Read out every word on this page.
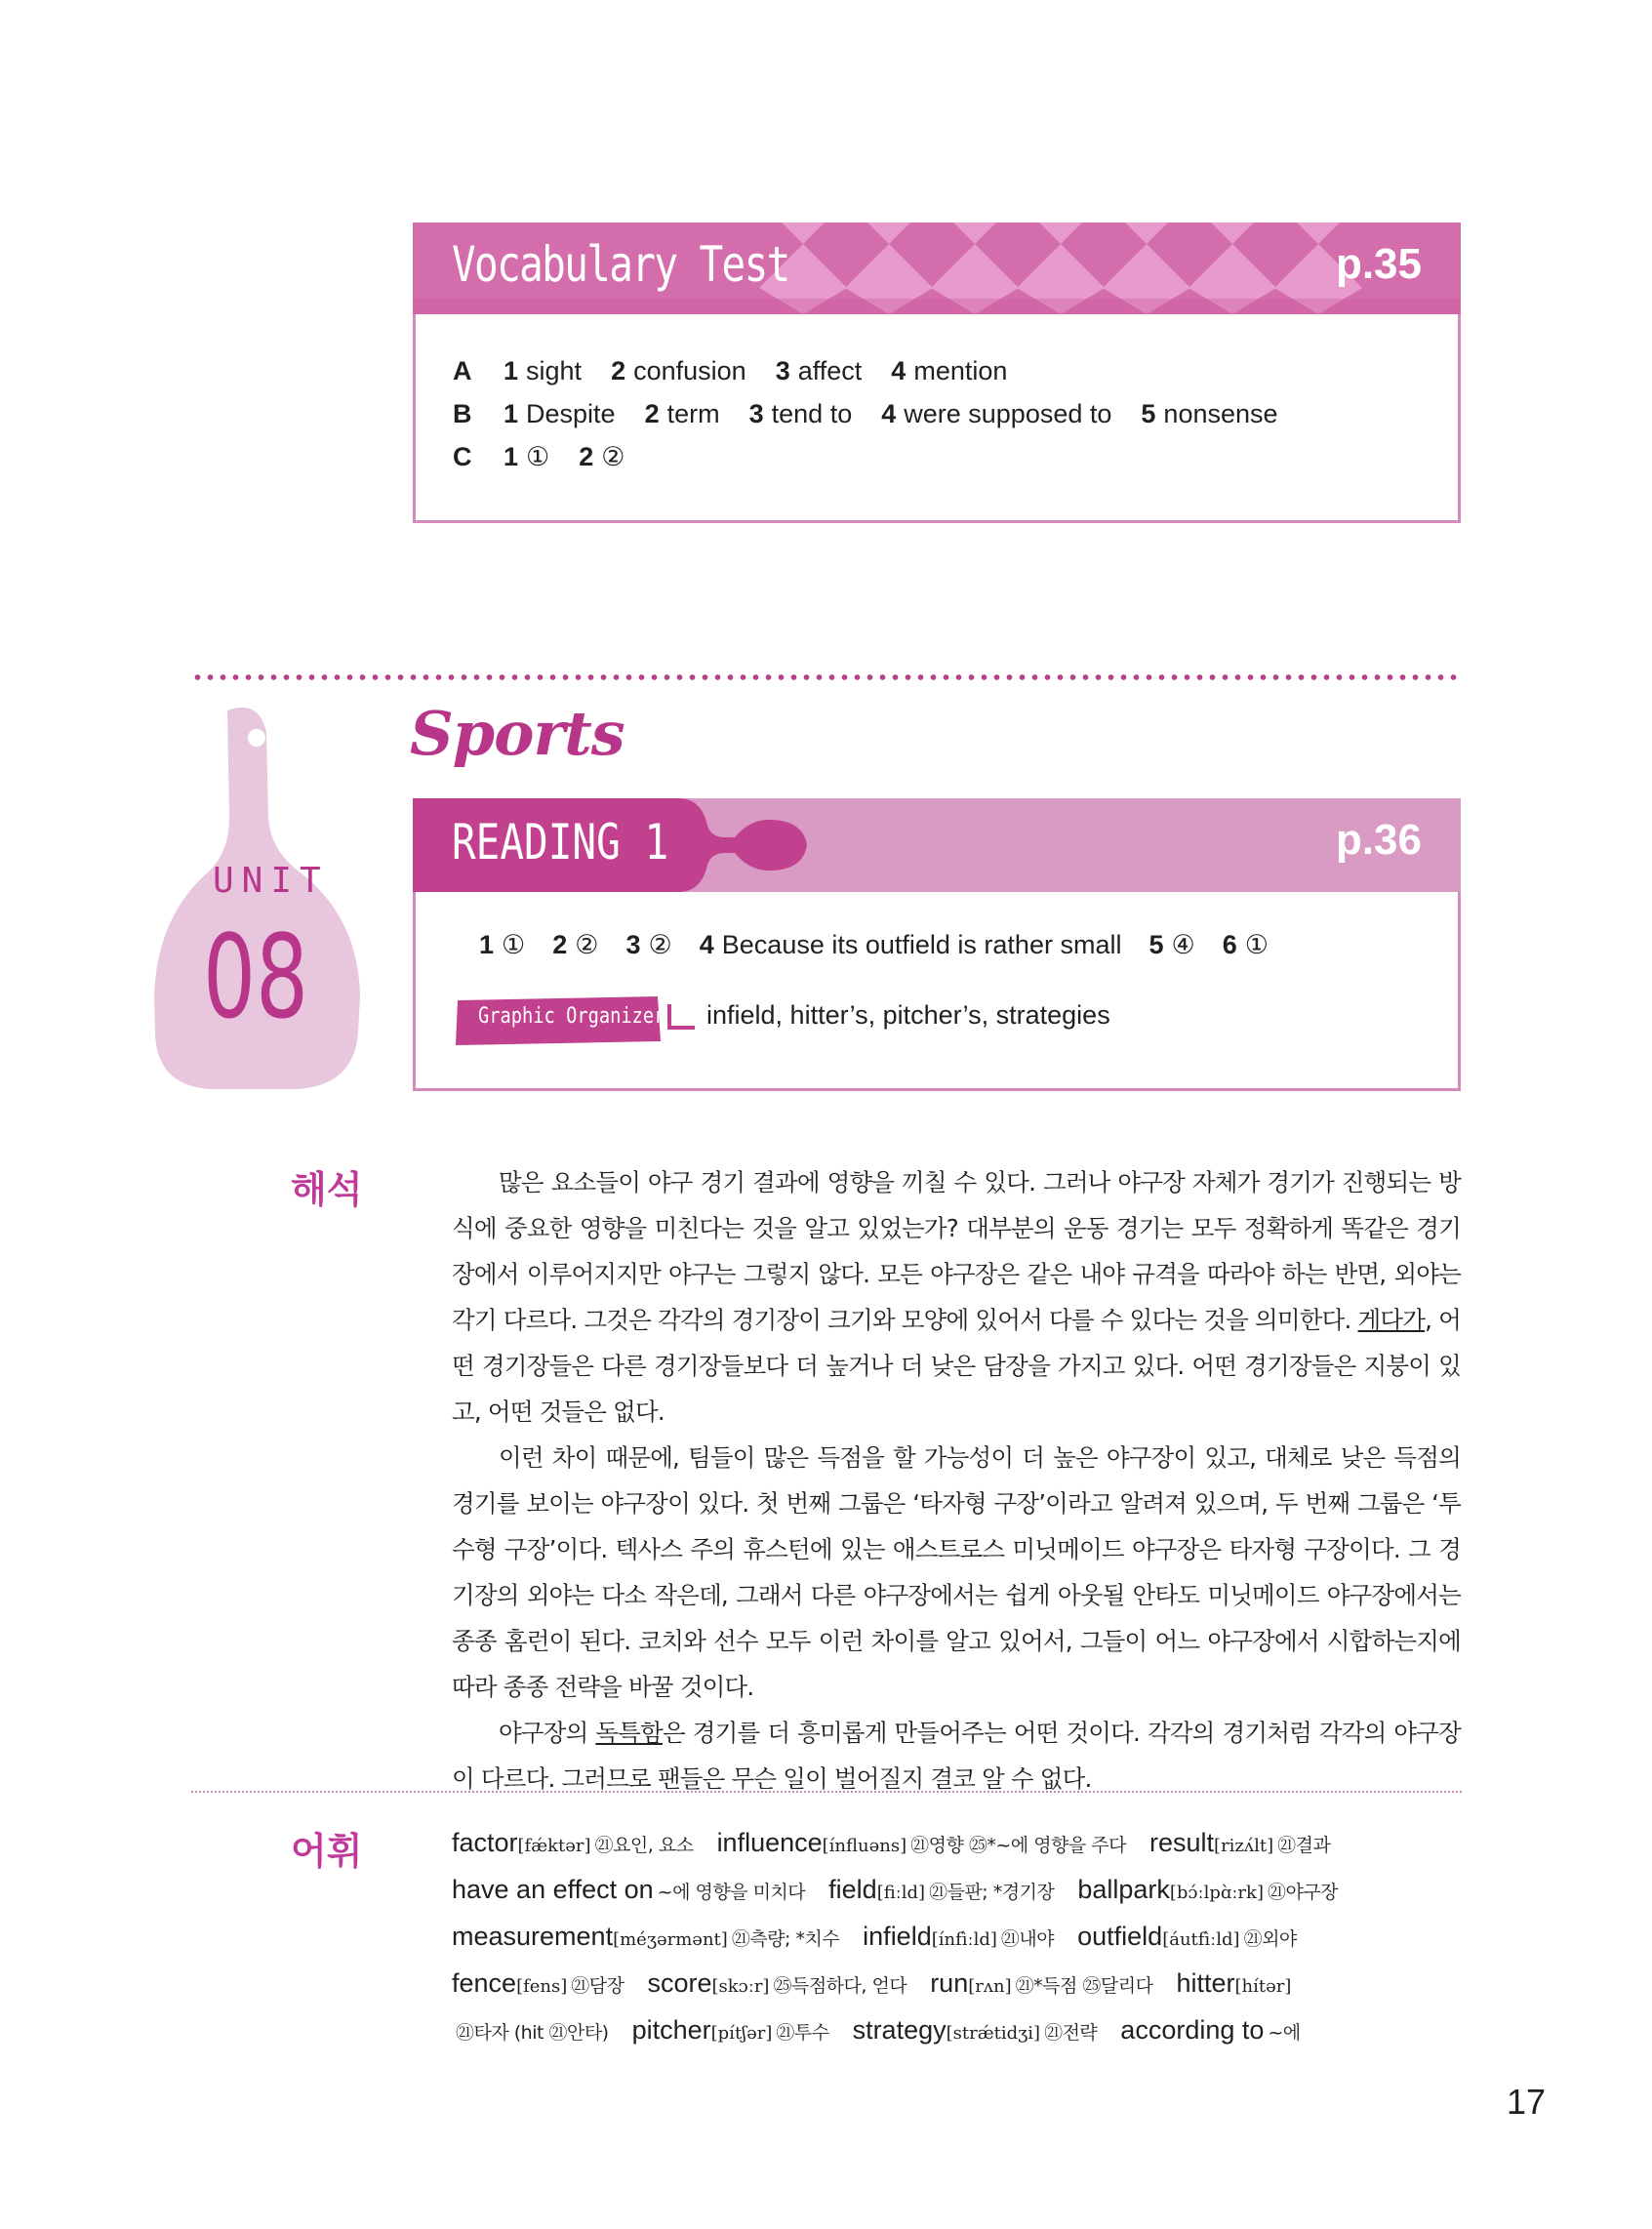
Vocabulary Test	p.35
A	1 sight 2 confusion 3 affect 4 mention
B	1 Despite 2 term 3 tend to 4 were supposed to 5 nonsense
C	1 ① 2 ②
UNIT
08
Sports
READING 1	p.36
1 ① 2 ② 3 ② 4 Because its outfield is rather small 5 ④ 6 ①
Graphic Organizer infield, hitter’s, pitcher’s, strategies
해석	많은 요소들이 야구 경기 결과에 영향을 끼칠 수 있다. 그러나 야구장 자체가 경기가 진행되는 방식에 중요한 영향을 미친다는 것을 알고 있었는가? 대부분의 운동 경기는 모두 정확하게 똑같은 경기장에서 이루어지지만 야구는 그렇지 않다. 모든 야구장은 같은 내야 규격을 따라야 하는 반면, 외야는 각기 다르다. 그것은 각각의 경기장이 크기와 모양에 있어서 다를 수 있다는 것을 의미한다. 게다가, 어떤 경기장들은 다른 경기장들보다 더 높거나 더 낮은 담장을 가지고 있다. 어떤 경기장들은 지붕이 있고, 어떤 것들은 없다.

이런 차이 때문에, 팀들이 많은 득점을 할 가능성이 더 높은 야구장이 있고, 대체로 낮은 득점의 경기를 보이는 야구장이 있다. 첫 번째 그룹은 ‘타자형 구장’이라고 알려져 있으며, 두 번째 그룹은 ‘투수형 구장’이다. 텍사스 주의 휴스턴에 있는 애스트로스 미닛메이드 야구장은 타자형 구장이다. 그 경기장의 외야는 다소 작은데, 그래서 다른 야구장에서는 쉽게 아웃될 안타도 미닛메이드 야구장에서는 종종 홈런이 된다. 코치와 선수 모두 이런 차이를 알고 있어서, 그들이 어느 야구장에서 시합하는지에 따라 종종 전략을 바꿀 것이다.

야구장의 독특함은 경기를 더 흥미롭게 만들어주는 어떤 것이다. 각각의 경기처럼 각각의 야구장이 다르다. 그러므로 팬들은 무슨 일이 벌어질지 결코 알 수 없다.

어휘	factor[fǽktər] ㉑요인, 요소 influence[ínfluəns] ㉑영향 ㉕*~에 영향을 주다 result[rizʌ́lt] ㉑결과
have an effect on ~에 영향을 미치다 field[fiːld] ㉑들판; *경기장 ballpark[bɔ́ːlpɑ̀ːrk] ㉑야구장
measurement[méʒərmənt] ㉑측량; *치수 infield[ínfìːld] ㉑내야 outfield[áutfìːld] ㉑외야
fence[fens] ㉑담장 score[skɔːr] ㉕득점하다, 얻다 run[rʌn] ㉑*득점 ㉕달리다 hitter[hítər]
㉑타자 (hit ㉑안타) pitcher[pítʃər] ㉑투수 strategy[strǽtidʒi] ㉑전략 according to ~에
17
